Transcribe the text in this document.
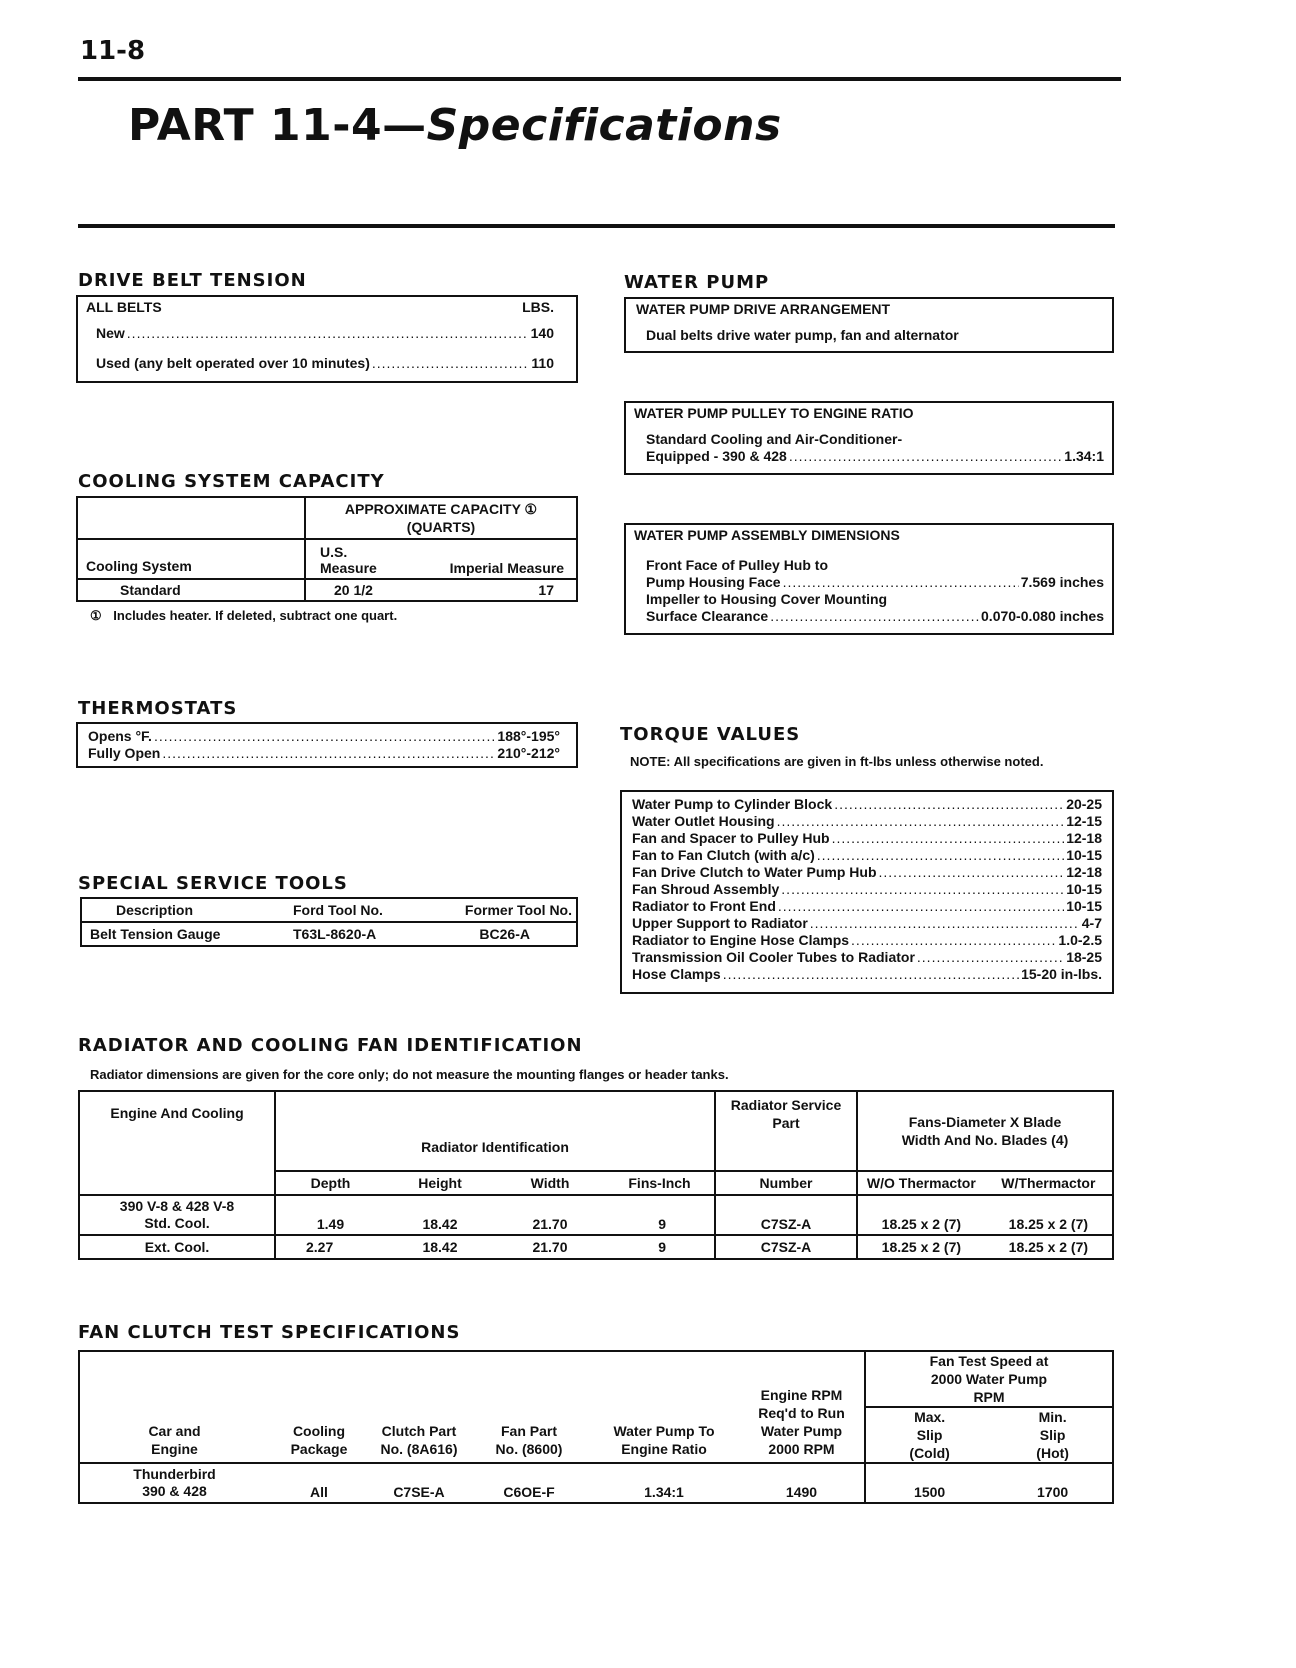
11-8
PART 11-4—Specifications
DRIVE BELT TENSION
ALL BELTS	LBS.
New .....	140
Used (any belt operated over 10 minutes) .....	110
COOLING SYSTEM CAPACITY

	APPROXIMATE CAPACITY ①
(QUARTS)	

Cooling System	U.S. Measure	Imperial Measure
Standard	20 1/2	17
① Includes heater. If deleted, subtract one quart.
THERMOSTATS
Opens °F. .....	188°-195°
Fully Open .....	210°-212°
SPECIAL SERVICE TOOLS
Description	Ford Tool No.	Former Tool No.
Belt Tension Gauge	T63L-8620-A	BC26-A
WATER PUMP
WATER PUMP DRIVE ARRANGEMENT
Dual belts drive water pump, fan and alternator
WATER PUMP PULLEY TO ENGINE RATIO
Standard Cooling and Air-Conditioner-
Equipped - 390 & 428 .....	1.34:1
WATER PUMP ASSEMBLY DIMENSIONS
Front Face of Pulley Hub to
Pump Housing Face .....	7.569 inches
Impeller to Housing Cover Mounting
Surface Clearance .....	0.070-0.080 inches
TORQUE VALUES
NOTE: All specifications are given in ft-lbs unless otherwise noted.
Water Pump to Cylinder Block .....	20-25
Water Outlet Housing .....	12-15
Fan and Spacer to Pulley Hub .....	12-18
Fan to Fan Clutch (with a/c) .....	10-15
Fan Drive Clutch to Water Pump Hub .....	12-18
Fan Shroud Assembly .....	10-15
Radiator to Front End .....	10-15
Upper Support to Radiator .....	4-7
Radiator to Engine Hose Clamps .....	1.0-2.5
Transmission Oil Cooler Tubes to Radiator .....	18-25
Hose Clamps .....	15-20 in-lbs.
RADIATOR AND COOLING FAN IDENTIFICATION
Radiator dimensions are given for the core only; do not measure the mounting flanges or header tanks.
Engine And Cooling	Radiator Identification				Radiator Service Part	Fans-Diameter X Blade Width And No. Blades (4)	
	Depth	Height	Width	Fins-Inch	Number	W/O Thermactor	W/Thermactor

390 V-8 & 428 V-8
Std. Cool.	1.49	18.42	21.70	9	C7SZ-A	18.25 x 2 (7)	18.25 x 2 (7)
Ext. Cool.	2.27	18.42	21.70	9	C7SZ-A	18.25 x 2 (7)	18.25 x 2 (7)
FAN CLUTCH TEST SPECIFICATIONS
Car and Engine	Cooling Package	Clutch Part No. (8A616)	Fan Part No. (8600)	Water Pump To Engine Ratio	Engine RPM Req'd to Run Water Pump 2000 RPM	Fan Test Speed at 2000 Water Pump RPM	
						Max. Slip (Cold)	Min. Slip (Hot)

Thunderbird
390 & 428	All	C7SE-A	C6OE-F	1.34:1	1490	1500	1700
